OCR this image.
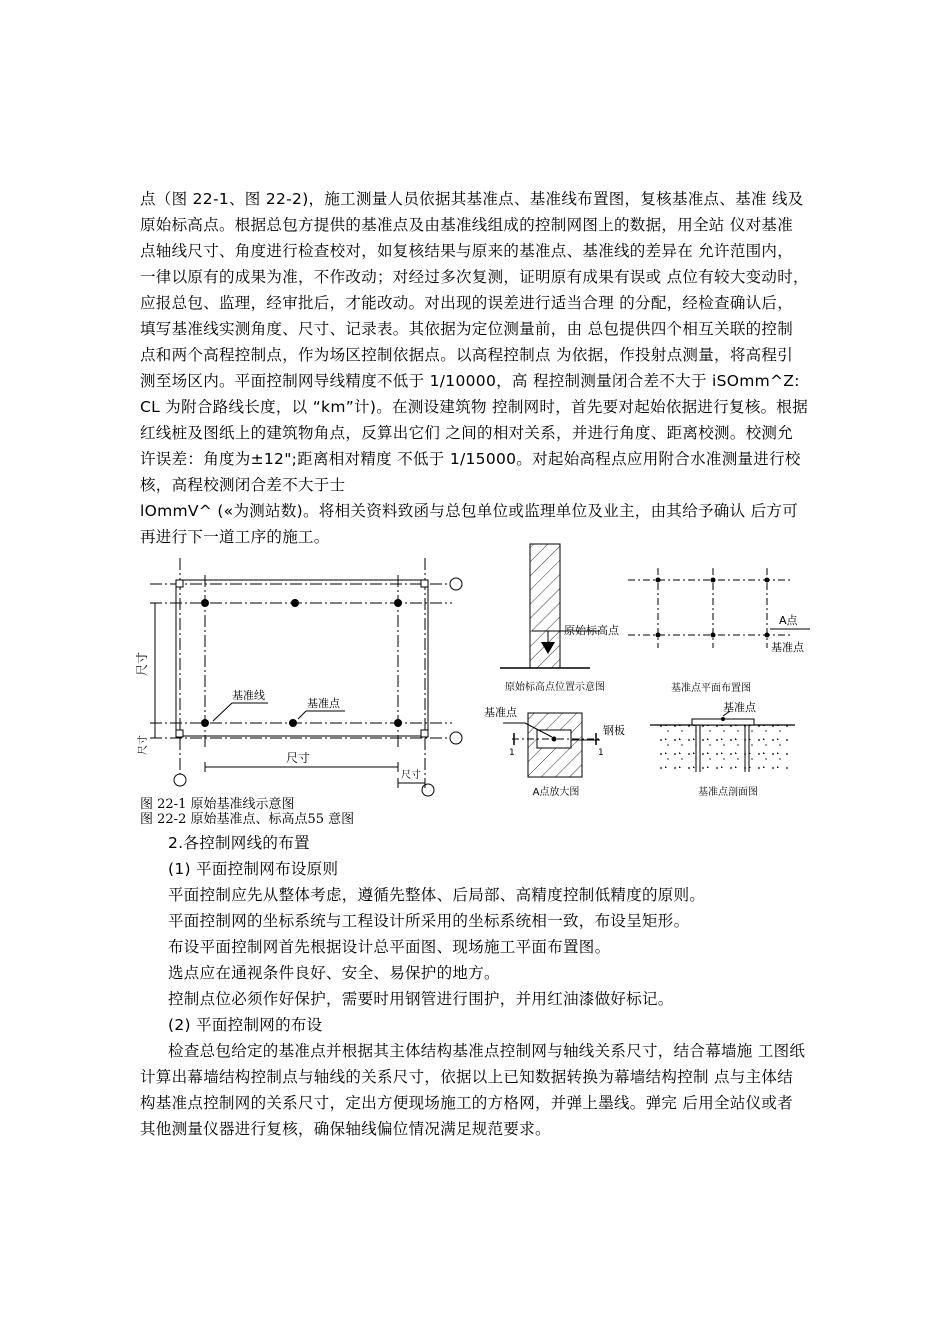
点（图 22-1、图 22-2)，施工测量人员依据其基准点、基准线布置图，复核基准点、基准 线及
原始标高点。根据总包方提供的基准点及由基准线组成的控制网图上的数据，用全站 仪对基准
点轴线尺寸、角度进行检查校对，如复核结果与原来的基准点、基准线的差异在 允许范围内，
一律以原有的成果为准，不作改动；对经过多次复测，证明原有成果有误或 点位有较大变动时，
应报总包、监理，经审批后，才能改动。对出现的误差进行适当合理 的分配，经检查确认后，
填写基准线实测角度、尺寸、记录表。其依据为定位测量前，由 总包提供四个相互关联的控制
点和两个高程控制点，作为场区控制依据点。以高程控制点 为依据，作投射点测量，将高程引
测至场区内。平面控制网导线精度不低于 1/10000，高 程控制测量闭合差不大于 iSOmm^Z:
CL 为附合路线长度，以 “km”计)。在测设建筑物 控制网时，首先要对起始依据进行复核。根据
红线桩及图纸上的建筑物角点，反算出它们 之间的相对关系，并进行角度、距离校测。校测允
许误差：角度为±12";距离相对精度 不低于 1/15000。对起始高程点应用附合水准测量进行校
核，高程校测闭合差不大于士
lOmmV^ («为测站数)。将相关资料致函与总包单位或监理单位及业主，由其给予确认 后方可
再进行下一道工序的施工。
尺寸
尺寸
尺寸
尺寸
基准线
基准点
原始标高点
原始标高点位置示意图
A点
基准点
基准点平面布置图
基准点
钢板
1	1
A点放大图
基准点
基准点剖面图
图 22-1 原始基准线示意图
图 22-2 原始基准点、标高点55 意图
2.各控制网线的布置
(1) 平面控制网布设原则
平面控制应先从整体考虑，遵循先整体、后局部、高精度控制低精度的原则。
平面控制网的坐标系统与工程设计所采用的坐标系统相一致，布设呈矩形。
布设平面控制网首先根据设计总平面图、现场施工平面布置图。
选点应在通视条件良好、安全、易保护的地方。
控制点位必须作好保护，需要时用钢管进行围护，并用红油漆做好标记。
(2) 平面控制网的布设
检查总包给定的基准点并根据其主体结构基准点控制网与轴线关系尺寸，结合幕墙施 工图纸
计算出幕墙结构控制点与轴线的关系尺寸，依据以上已知数据转换为幕墙结构控制 点与主体结
构基准点控制网的关系尺寸，定出方便现场施工的方格网，并弹上墨线。弹完 后用全站仪或者
其他测量仪器进行复核，确保轴线偏位情况满足规范要求。
